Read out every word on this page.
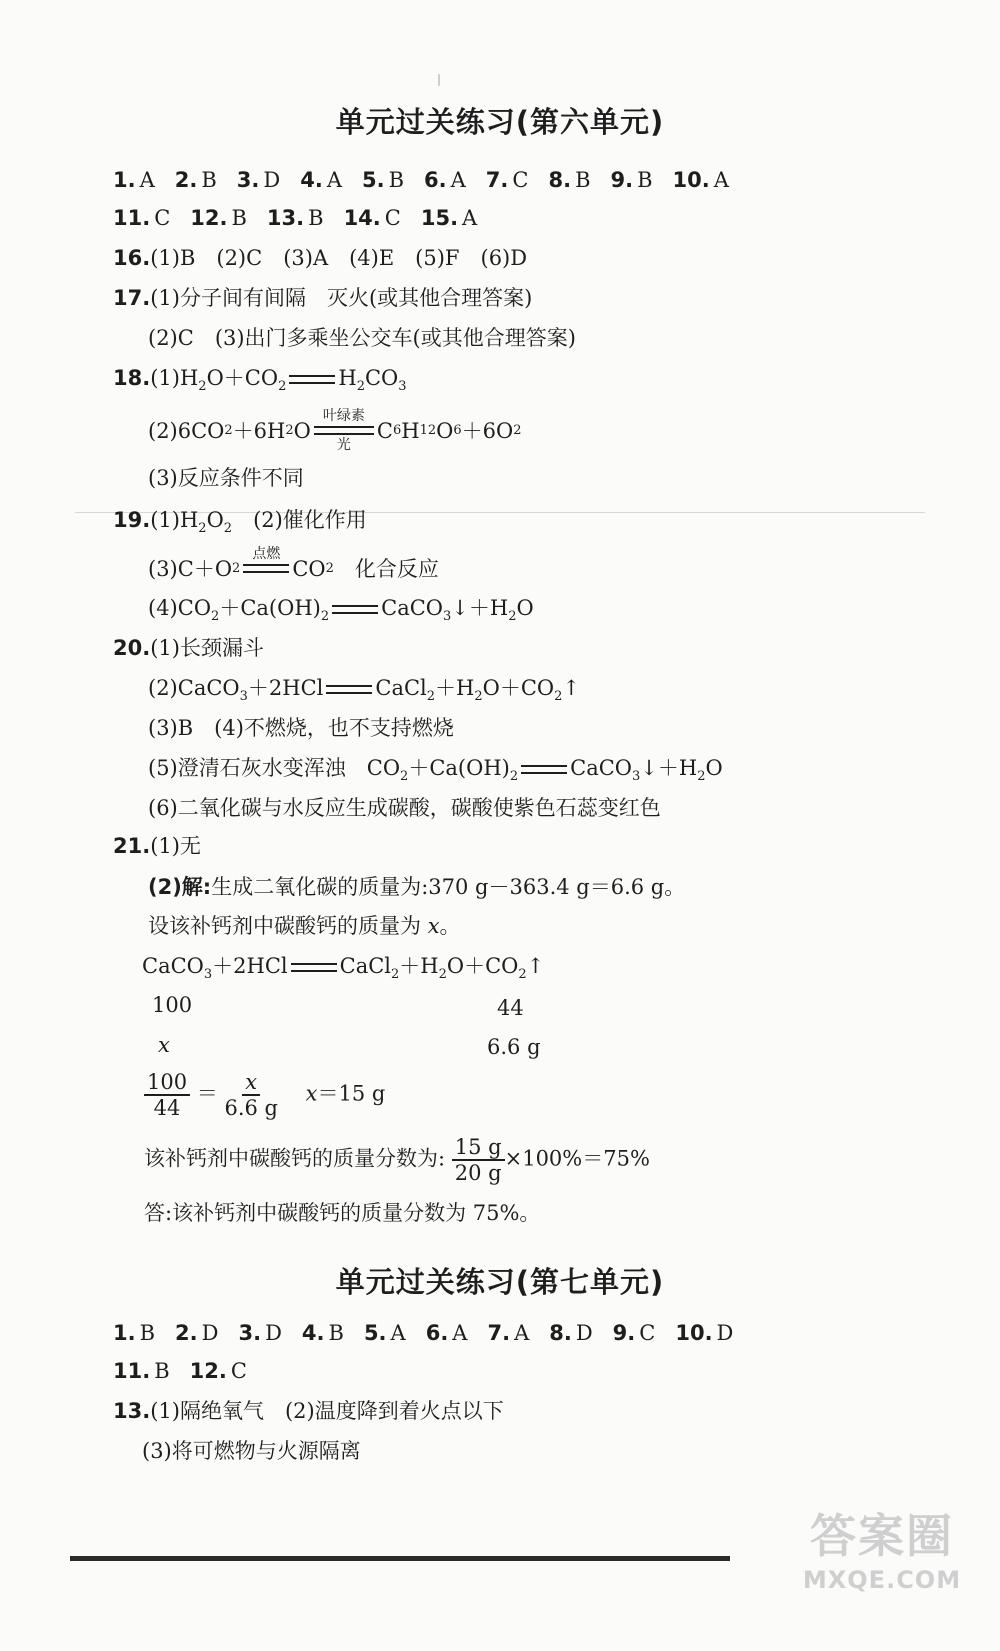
单元过关练习(第六单元)
1. A 2. B 3. D 4. A 5. B 6. A 7. C 8. B 9. B 10. A
11. C 12. B 13. B 14. C 15. A
16.(1)B　(2)C　(3)A　(4)E　(5)F　(6)D
17.(1)分子间有间隔　灭火(或其他合理答案)
(2)C　(3)出门多乘坐公交车(或其他合理答案)
$18.(1)H_2O+CO_2$ $H_2CO_3$
(2) 6CO 2 ＋6H 2 O
叶绿素
光
C 6 H 12 O 6 ＋6O 2
(3)反应条件不同
$19.(1)H_2O_2$　 (2)催化作用
(3) C＋O 2
点燃
CO 2
　 化合反应
$(4)CO_2+Ca(OH)_2$ $CaCO_3↓+H_2O$
20.(1)长颈漏斗
(2)CaCO$_3$＋2HCl $CaCl_2+H_2O+CO_2↑$
(3)B　(4)不燃烧，也不支持燃烧
(5)澄清石灰水变浑浊　$CO_2+Ca(OH)_2$ $CaCO_3↓+H_2O$
(6)二氧化碳与水反应生成碳酸，碳酸使紫色石蕊变红色
21.(1)无
(2)解:生成二氧化碳的质量为:370 g－363.4 g＝6.6 g。
设该补钙剂中碳酸钙的质量为 x。
CaCO$_3$＋2HCl $CaCl_2+H_2O+CO_2↑$
100	44
x	6.6 g
$\frac{100}{44} = \frac{x}{6.6 g}$
　 x＝15 g
该补钙剂中碳酸钙的质量分数为: $\frac{15 g}{20 g} \times 100\%=75\%$
答:该补钙剂中碳酸钙的质量分数为 75%。
单元过关练习(第七单元)
1. B 2. D 3. D 4. B 5. A 6. A 7. A 8. D 9. C 10. D
11. B 12. C
13.(1)隔绝氧气　(2)温度降到着火点以下
(3)将可燃物与火源隔离
答案圈
MXQE.COM
